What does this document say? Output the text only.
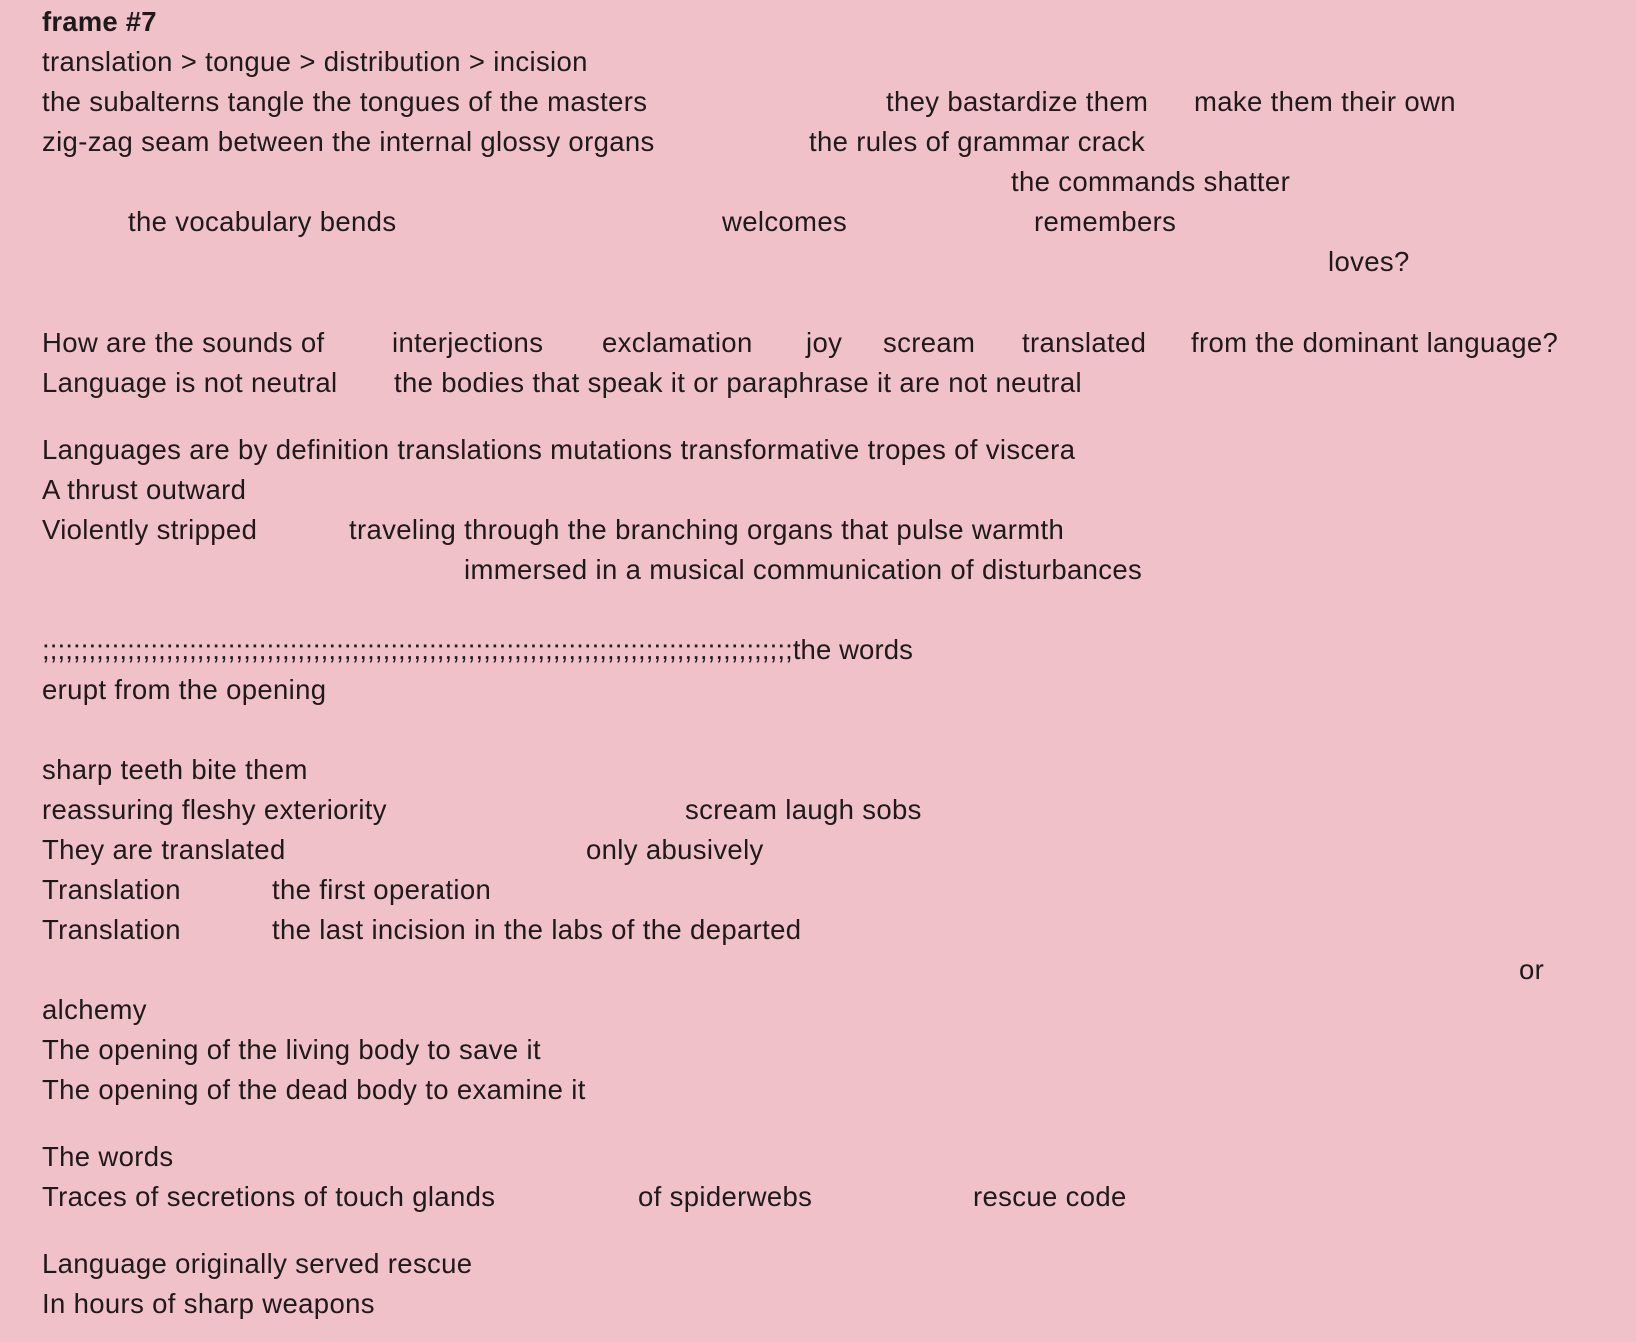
frame #7
translation > tongue > distribution > incision
the subalterns tangle the tongues of the masters	they bastardize them make them their own
zig-zag seam between the internal glossy organs	the rules of grammar crack
the commands shatter
the vocabulary bends	welcomes	remembers
loves?
How are the sounds of interjections exclamation joy scream translated from the dominant language?
Language is not neutral the bodies that speak it or paraphrase it are not neutral
Languages are by definition translations mutations transformative tropes of viscera
A thrust outward
Violently stripped	traveling through the branching organs that pulse warmth
immersed in a musical communication of disturbances
;;;;;;;;;;;;;;;;;;;;;;;;;;;;;;;;;;;;;;;;;;;;;;;;;;;;;;;;;;;;;;;;;;;;;;;;;;;;;;;;;;;;;;;;;;;;;;;;;the words
erupt from the opening
sharp teeth bite them
reassuring fleshy exteriority	scream laugh sobs
They are translated	only abusively
Translation	the first operation
Translation	the last incision in the labs of the departed
or
alchemy
The opening of the living body to save it
The opening of the dead body to examine it
The words
Traces of secretions of touch glands	of spiderwebs	rescue code
Language originally served rescue
In hours of sharp weapons
